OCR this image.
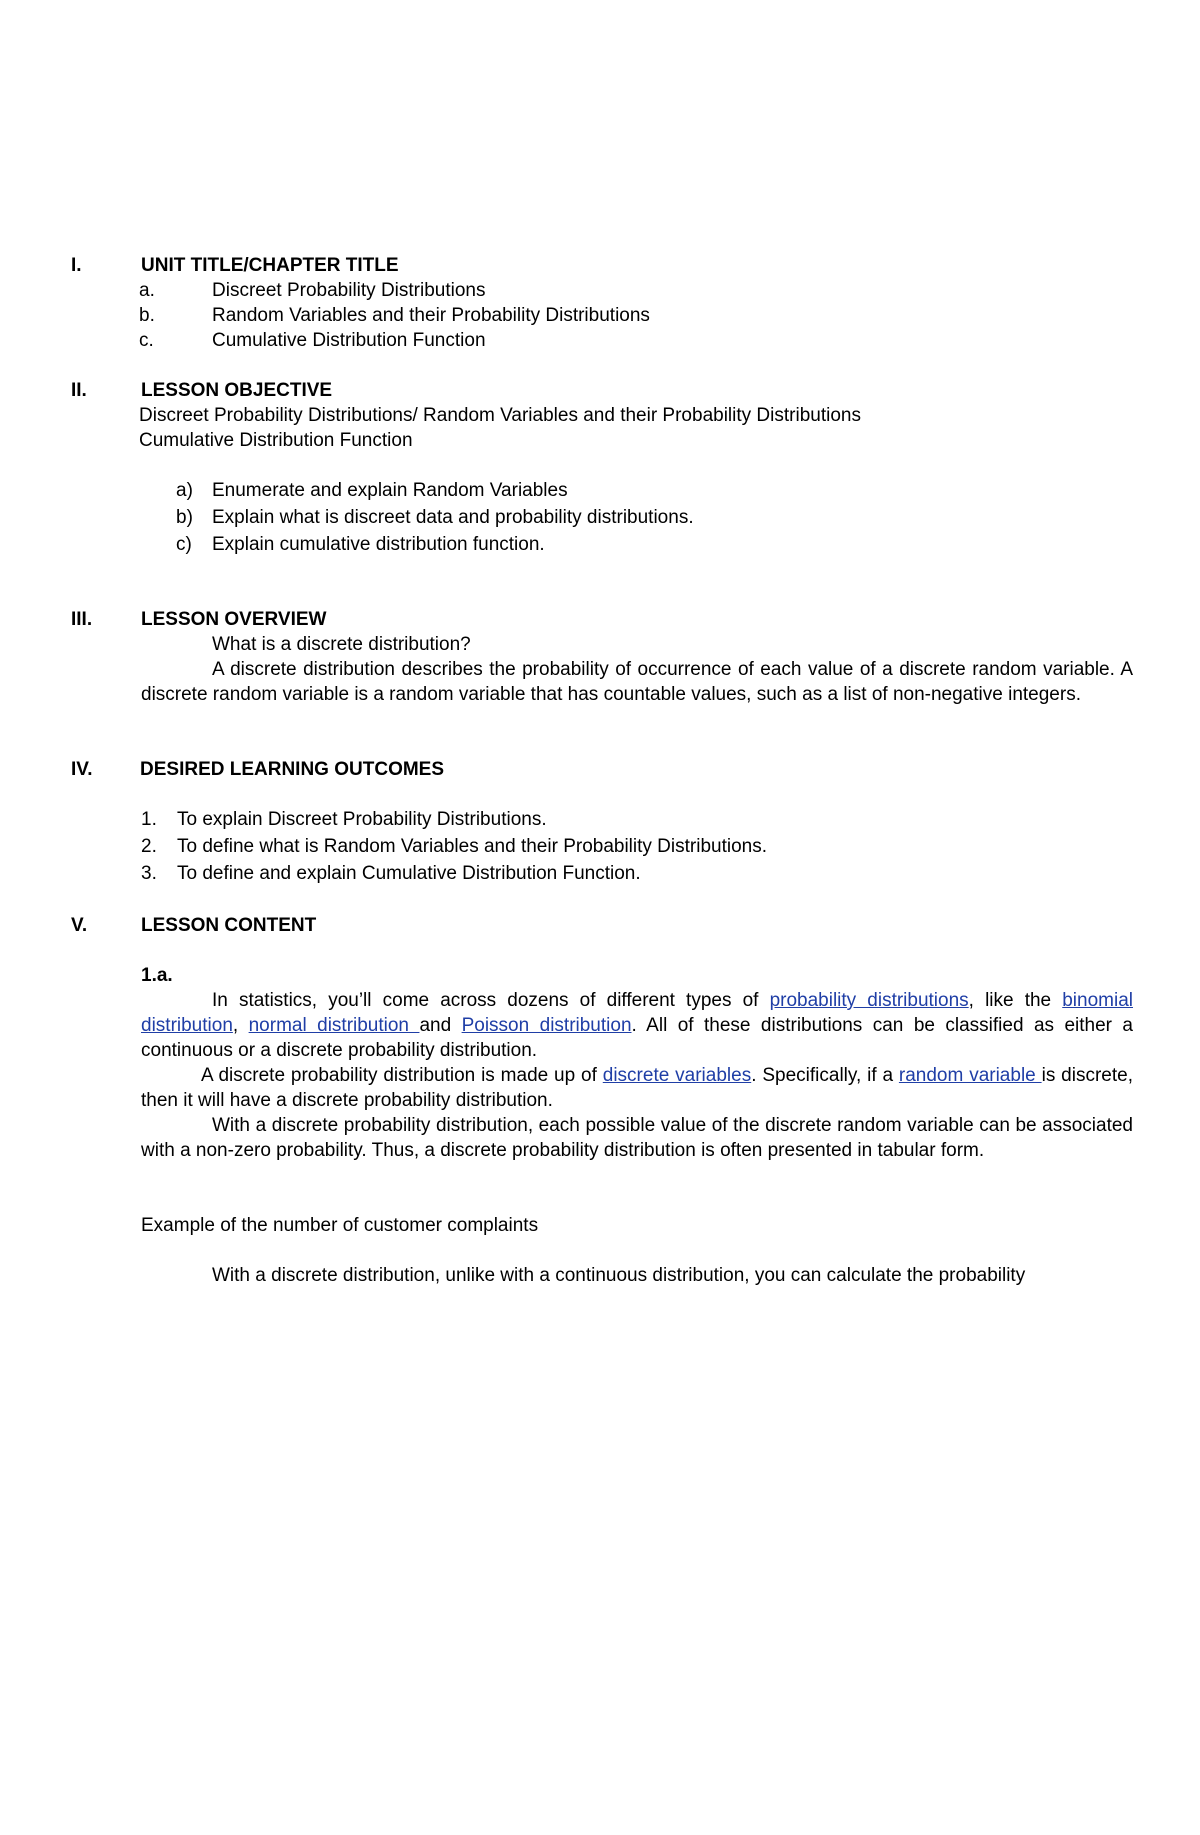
I.	UNIT TITLE/CHAPTER TITLE
a.	Discreet Probability Distributions
b.	Random Variables and their Probability Distributions
c.	Cumulative Distribution Function
II.	LESSON OBJECTIVE
Discreet Probability Distributions/ Random Variables and their Probability Distributions
Cumulative Distribution Function
a) Enumerate and explain Random Variables
b) Explain what is discreet data and probability distributions.
c) Explain cumulative distribution function.
III.	LESSON OVERVIEW
What is a discrete distribution?
A discrete distribution describes the probability of occurrence of each value of a discrete random variable. A discrete random variable is a random variable that has countable values, such as a list of non-negative integers.
IV.	DESIRED LEARNING OUTCOMES
1. To explain Discreet Probability Distributions.
2. To define what is Random Variables and their Probability Distributions.
3. To define and explain Cumulative Distribution Function.
V.	LESSON CONTENT
1.a.
In statistics, you’ll come across dozens of different types of probability distributions, like the binomial distribution, normal distribution and Poisson distribution. All of these distributions can be classified as either a continuous or a discrete probability distribution.
A discrete probability distribution is made up of discrete variables. Specifically, if a random variable is discrete, then it will have a discrete probability distribution.
With a discrete probability distribution, each possible value of the discrete random variable can be associated with a non-zero probability. Thus, a discrete probability distribution is often presented in tabular form.
Example of the number of customer complaints
With a discrete distribution, unlike with a continuous distribution, you can calculate the probability
